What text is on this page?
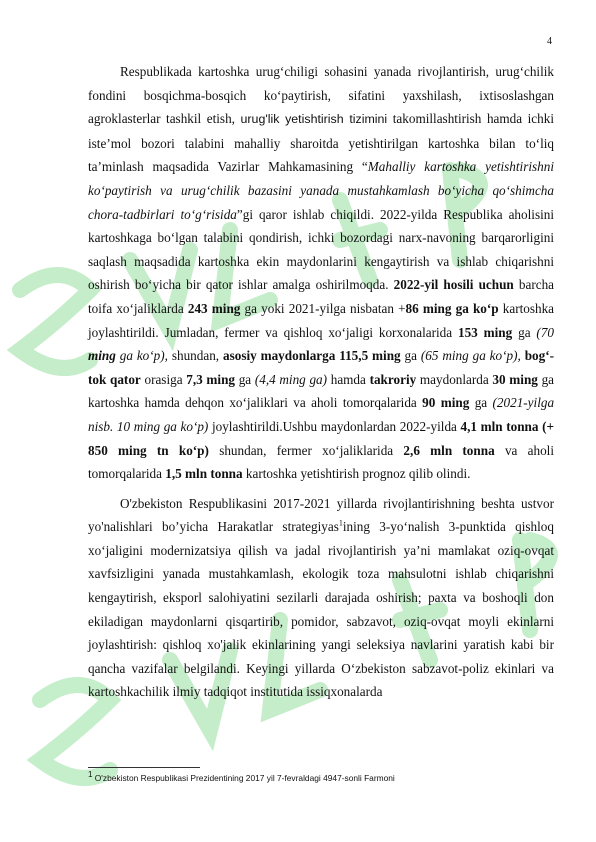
4

Respublikada kartoshka urug‘chiligi sohasini yanada rivojlantirish, urug‘chilik fondini bosqichma-bosqich ko‘paytirish, sifatini yaxshilash, ixtisoslashgan agroklasterlar tashkil etish, urug'lik yetishtirish tizimini takomillashtirish hamda ichki iste’mol bozori talabini mahalliy sharoitda yetishtirilgan kartoshka bilan to‘liq ta’minlash maqsadida Vazirlar Mahkamasining “Mahalliy kartoshka yetishtirishni ko‘paytirish va urug‘chilik bazasini yanada mustahkamlash bo‘yicha qo‘shimcha chora-tadbirlari to‘g‘risida”gi qaror ishlab chiqildi. 2022-yilda Respublika aholisini kartoshkaga bo‘lgan talabini qondirish, ichki bozordagi narx-navoning barqarorligini saqlash maqsadida kartoshka ekin maydonlarini kengaytirish va ishlab chiqarishni oshirish bo‘yicha bir qator ishlar amalga oshirilmoqda. 2022-yil hosili uchun barcha toifa xo‘jaliklarda 243 ming ga yoki 2021-yilga nisbatan +86 ming ga ko‘p kartoshka joylashtirildi. Jumladan, fermer va qishloq xo‘jaligi korxonalarida 153 ming ga (70 ming ga ko‘p), shundan, asosiy maydonlarga 115,5 ming ga (65 ming ga ko‘p), bog‘-tok qator orasiga 7,3 ming ga (4,4 ming ga) hamda takroriy maydonlarda 30 ming ga kartoshka hamda dehqon xo‘jaliklari va aholi tomorqalarida 90 ming ga (2021-yilga nisb. 10 ming ga ko‘p) joylashtirildi.Ushbu maydonlardan 2022-yilda 4,1 mln tonna (+ 850 ming tn ko‘p) shundan, fermer xo‘jaliklarida 2,6 mln tonna va aholi tomorqalarida 1,5 mln tonna kartoshka yetishtirish prognoz qilib olindi.

O'zbekiston Respublikasini 2017-2021 yillarda rivojlantirishning beshta ustvor yo'nalishlari bo’yicha Harakatlar strategiyas$^1$ining 3-yo‘nalish 3-punktida qishloq xo‘jaligini modernizatsiya qilish va jadal rivojlantirish ya’ni mamlakat oziq-ovqat xavfsizligini yanada mustahkamlash, ekologik toza mahsulotni ishlab chiqarishni kengaytirish, eksporl salohiyatini sezilarli darajada oshirish; paxta va boshoqli don ekiladigan maydonlarni qisqartirib, pomidor, sabzavot, oziq-ovqat moyli ekinlarni joylashtirish: qishloq xo'jalik ekinlarining yangi seleksiya navlarini yaratish kabi bir qancha vazifalar belgilandi. Keyingi yillarda O‘zbekiston sabzavot-poliz ekinlari va kartoshkachilik ilmiy tadqiqot institutida issiqxonalarda

$^1$ O'zbekiston Respublikasi Prezidentining 2017 yil 7-fevraldagi 4947-sonli Farmoni
